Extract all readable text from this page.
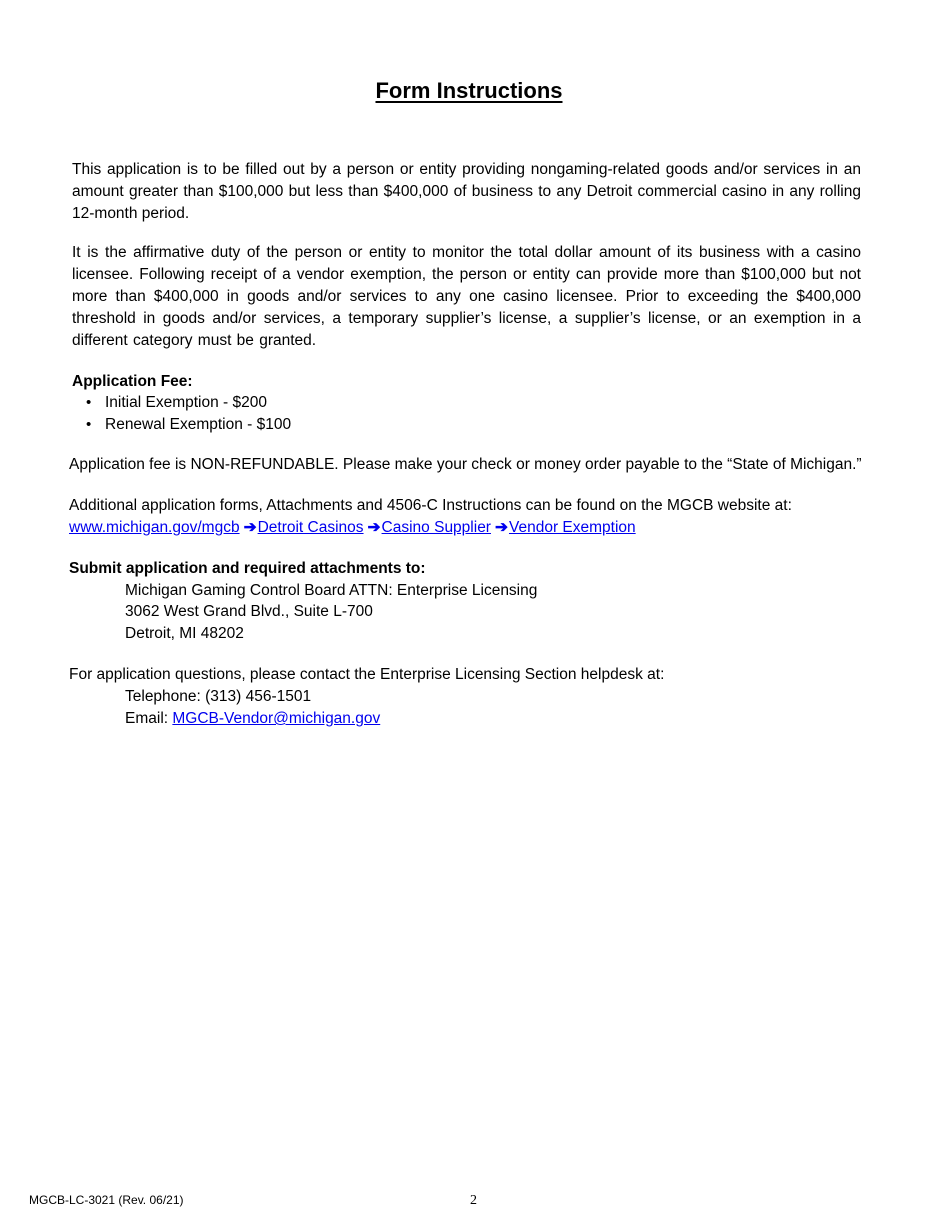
Form Instructions
This application is to be filled out by a person or entity providing nongaming-related goods and/or services in an amount greater than $100,000 but less than $400,000 of business to any Detroit commercial casino in any rolling 12-month period.
It is the affirmative duty of the person or entity to monitor the total dollar amount of its business with a casino licensee. Following receipt of a vendor exemption, the person or entity can provide more than $100,000 but not more than $400,000 in goods and/or services to any one casino licensee. Prior to exceeding the $400,000 threshold in goods and/or services, a temporary supplier’s license, a supplier’s license, or an exemption in a different category must be granted.
Application Fee:
• Initial Exemption - $200
• Renewal Exemption - $100
Application fee is NON-REFUNDABLE. Please make your check or money order payable to the “State of Michigan.”
Additional application forms, Attachments and 4506-C Instructions can be found on the MGCB website at:
www.michigan.gov/mgcb ➔Detroit Casinos ➔Casino Supplier ➔Vendor Exemption
Submit application and required attachments to:
Michigan Gaming Control Board ATTN: Enterprise Licensing
3062 West Grand Blvd., Suite L-700
Detroit, MI 48202
For application questions, please contact the Enterprise Licensing Section helpdesk at:
Telephone: (313) 456-1501
Email: MGCB-Vendor@michigan.gov
MGCB-LC-3021 (Rev. 06/21)	2
